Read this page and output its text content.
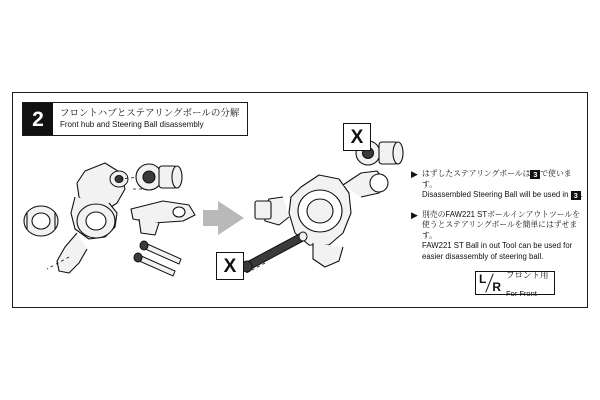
2	フロントハブとステアリングボールの分解
Front hub and Steering Ball disassembly
X
X
▶ はずしたステアリングボールは 3 で使います。
Disassembled Steering Ball will be used in 3 .
▶ 別売のFAW221 STボールインアウトツールを
使うとステアリングボールを簡単にはずせます。
FAW221 ST Ball in out Tool can be used for
easier disassembly of steering ball.
L
R
フロント用
For Front
